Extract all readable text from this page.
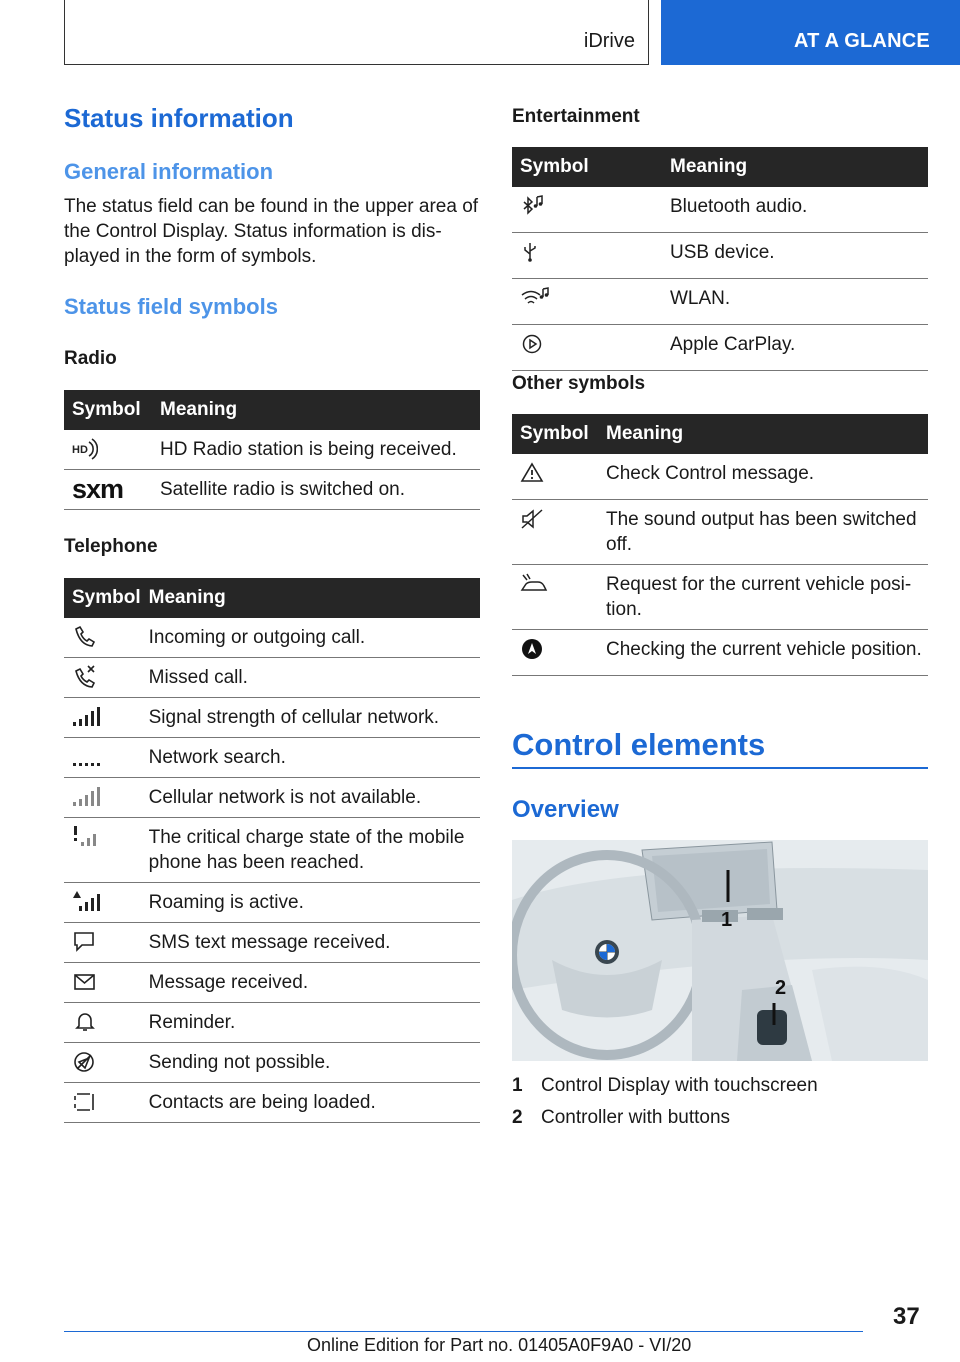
iDrive	AT A GLANCE
Status information
General information
The status field can be found in the upper area of the Control Display. Status information is displayed in the form of symbols.
Status field symbols
Radio
Symbol	Meaning

HD	HD Radio station is being received.

sxm	Satellite radio is switched on.
Telephone
Symbol	Meaning

	Incoming or outgoing call.

	Missed call.

	Signal strength of cellular network.

	Network search.

	Cellular network is not available.

	The critical charge state of the mobile phone has been reached.

	Roaming is active.

	SMS text message received.

	Message received.

	Reminder.

	Sending not possible.

	Contacts are being loaded.
Entertainment
Symbol	Meaning
	Bluetooth audio.
	USB device.
	WLAN.
	Apple CarPlay.
Other symbols
Symbol	Meaning
	Check Control message.
	The sound output has been switched off.
	Request for the current vehicle position.
	Checking the current vehicle position.
Control elements
Overview
1
2
1 Control Display with touchscreen
2 Controller with buttons
37
Online Edition for Part no. 01405A0F9A0 - VI/20
